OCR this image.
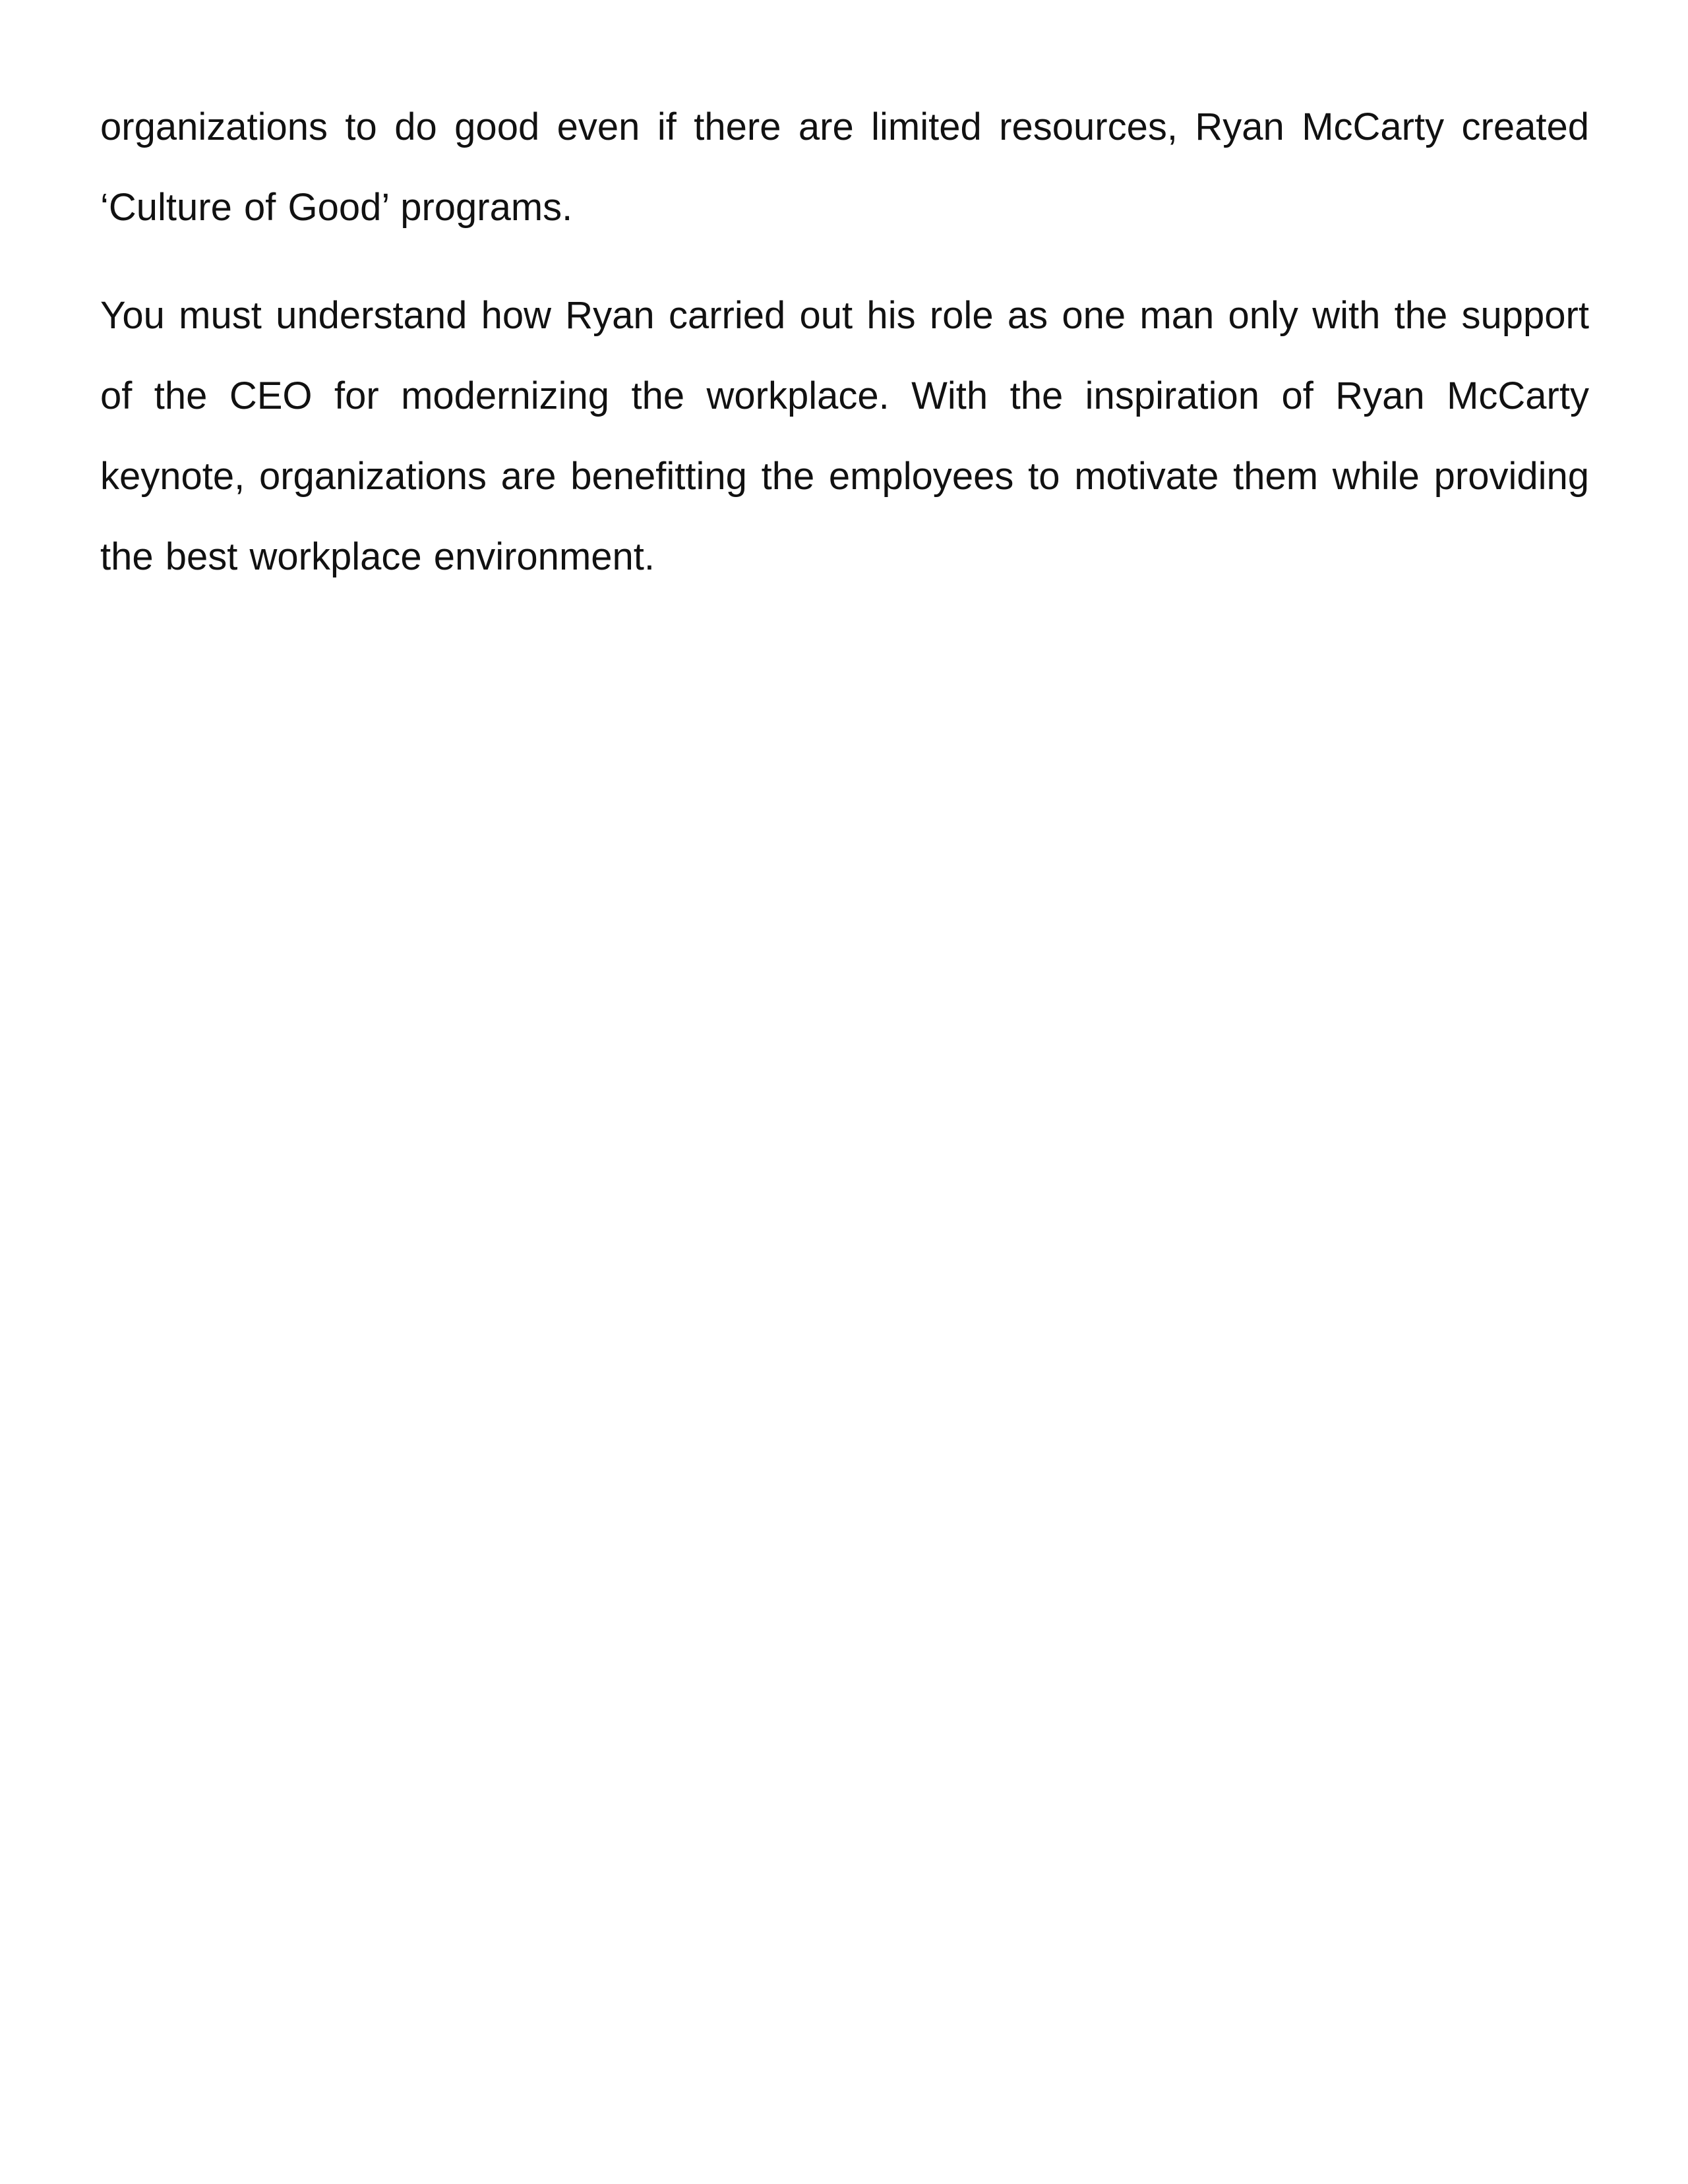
organizations to do good even if there are limited resources, Ryan McCarty created ‘Culture of Good’ programs.

You must understand how Ryan carried out his role as one man only with the support of the CEO for modernizing the workplace. With the inspiration of Ryan McCarty keynote, organizations are benefitting the employees to motivate them while providing the best workplace environment.
